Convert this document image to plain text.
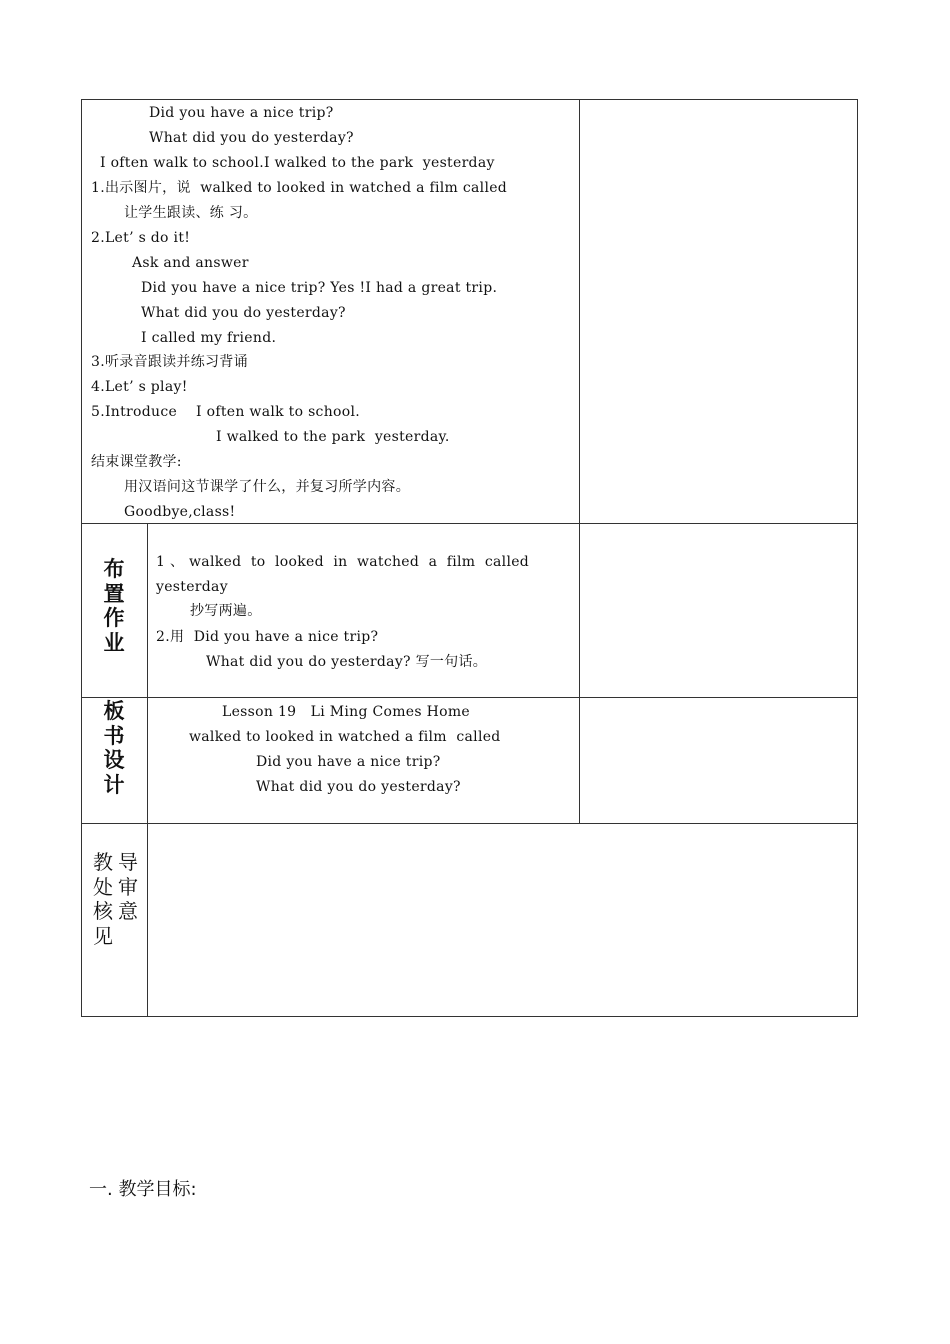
Did you have a nice trip?
What did you do yesterday?
I often walk to school.I walked to the park  yesterday
1.出示图片，说  walked to looked in watched a film called
让学生跟读、练 习。
2.Let’ s do it!
Ask and answer
Did you have a nice trip? Yes !I had a great trip.
What did you do yesterday?
I called my friend.
3.听录音跟读并练习背诵
4.Let’ s play!
5.Introduce    I often walk to school.
I walked to the park  yesterday.
结束课堂教学:
用汉语问这节课学了什么，并复习所学内容。
Goodbye,class!
布
置
作
业
1 、 walked  to  looked  in  watched  a  film  called
yesterday
抄写两遍。
2.用  Did you have a nice trip?
What did you do yesterday? 写一句话。
板
书
设
计
Lesson 19   Li Ming Comes Home
walked to looked in watched a film  called
Did you have a nice trip?
What did you do yesterday?
教
处
核
见
导
审
意
一. 教学目标:
